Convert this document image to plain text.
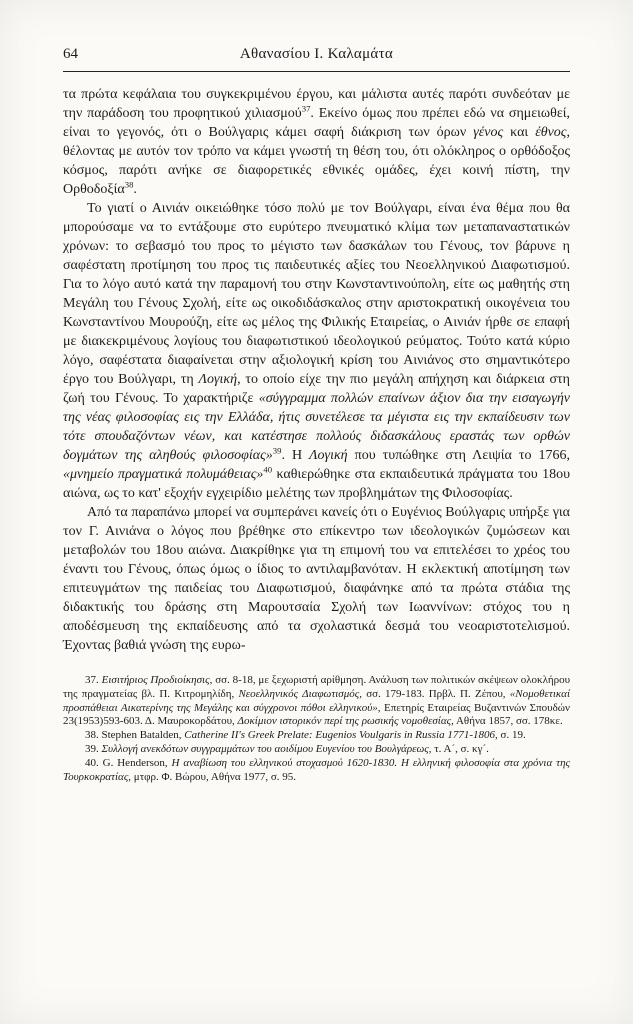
64	Αθανασίου Ι. Καλαμάτα

τα πρώτα κεφάλαια του συγκεκριμένου έργου, και μάλιστα αυτές παρότι συνδεόταν με την παράδοση του προφητικού χιλιασμού$^{37}$. Εκείνο όμως που πρέπει εδώ να σημειωθεί, είναι το γεγονός, ότι ο Βούλγαρις κάμει σαφή διάκριση των όρων γένος και έθνος, θέλοντας με αυτόν τον τρόπο να κάμει γνωστή τη θέση του, ότι ολόκληρος ο ορθόδοξος κόσμος, παρότι ανήκε σε διαφορετικές εθνικές ομάδες, έχει κοινή πίστη, την Ορθοδοξία$^{38}$.

Το γιατί ο Αινιάν οικειώθηκε τόσο πολύ με τον Βούλγαρι, είναι ένα θέμα που θα μπορούσαμε να το εντάξουμε στο ευρύτερο πνευματικό κλίμα των μεταπαναστατικών χρόνων: το σεβασμό του προς το μέγιστο των δασκάλων του Γένους, τον βάρυνε η σαφέστατη προτίμηση του προς τις παιδευτικές αξίες του Νεοελληνικού Διαφωτισμού. Για το λόγο αυτό κατά την παραμονή του στην Κωνσταντινούπολη, είτε ως μαθητής στη Μεγάλη του Γένους Σχολή, είτε ως οικοδιδάσκαλος στην αριστοκρατική οικογένεια του Κωνσταντίνου Μουρούζη, είτε ως μέλος της Φιλικής Εταιρείας, ο Αινιάν ήρθε σε επαφή με διακεκριμένους λογίους του διαφωτιστικού ιδεολογικού ρεύματος. Τούτο κατά κύριο λόγο, σαφέστατα διαφαίνεται στην αξιολογική κρίση του Αινιάνος στο σημαντικότερο έργο του Βούλγαρι, τη Λογική, το οποίο είχε την πιο μεγάλη απήχηση και διάρκεια στη ζωή του Γένους. Το χαρακτήριζε «σύγγραμμα πολλών επαίνων άξιον δια την εισαγωγήν της νέας φιλοσοφίας εις την Ελλάδα, ήτις συνετέλεσε τα μέγιστα εις την εκπαίδευσιν των τότε σπουδαζόντων νέων, και κατέστησε πολλούς διδασκάλους εραστάς των ορθών δογμάτων της αληθούς φιλοσοφίας»$^{39}$. Η Λογική που τυπώθηκε στη Λειψία το 1766, «μνημείο πραγματικά πολυμάθειας»$^{40}$ καθιερώθηκε στα εκπαιδευτικά πράγματα του 18ου αιώνα, ως το κατ' εξοχήν εγχειρίδιο μελέτης των προβλημάτων της Φιλοσοφίας.

Από τα παραπάνω μπορεί να συμπεράνει κανείς ότι ο Ευγένιος Βούλγαρις υπήρξε για τον Γ. Αινιάνα ο λόγος που βρέθηκε στο επίκεντρο των ιδεολογικών ζυμώσεων και μεταβολών του 18ου αιώνα. Διακρίθηκε για τη επιμονή του να επιτελέσει το χρέος του έναντι του Γένους, όπως όμως ο ίδιος το αντιλαμβανόταν. Η εκλεκτική αποτίμηση των επιτευγμάτων της παιδείας του Διαφωτισμού, διαφάνηκε από τα πρώτα στάδια της διδακτικής του δράσης στη Μαρουτσαία Σχολή των Ιωαννίνων: στόχος του η αποδέσμευση της εκπαίδευσης από τα σχολαστικά δεσμά του νεοαριστοτελισμού. Έχοντας βαθιά γνώση της ευρω-

37. Εισιτήριος Προδιοίκησις, σσ. 8-18, με ξεχωριστή αρίθμηση. Ανάλυση των πολιτικών σκέψεων ολοκλήρου της πραγματείας βλ. Π. Κιτρομηλίδη, Νεοελληνικός Διαφωτισμός, σσ. 179-183. Πρβλ. Π. Ζέπου, «Νομοθετικαί προσπάθειαι Αικατερίνης της Μεγάλης και σύγχρονοι πόθοι ελληνικού», Επετηρίς Εταιρείας Βυζαντινών Σπουδών 23(1953)593-603. Δ. Μαυροκορδάτου, Δοκίμιον ιστορικόν περί της ρωσικής νομοθεσίας, Αθήνα 1857, σσ. 178κε.

38. Stephen Batalden, Catherine II's Greek Prelate: Eugenios Voulgaris in Russia 1771-1806, σ. 19.

39. Συλλογή ανεκδότων συγγραμμάτων του αοιδίμου Ευγενίου του Βουλγάρεως, τ. Α´, σ. κγ´.

40. G. Henderson, Η αναβίωση του ελληνικού στοχασμού 1620-1830. Η ελληνική φιλοσοφία στα χρόνια της Τουρκοκρατίας, μτφρ. Φ. Βώρου, Αθήνα 1977, σ. 95.
